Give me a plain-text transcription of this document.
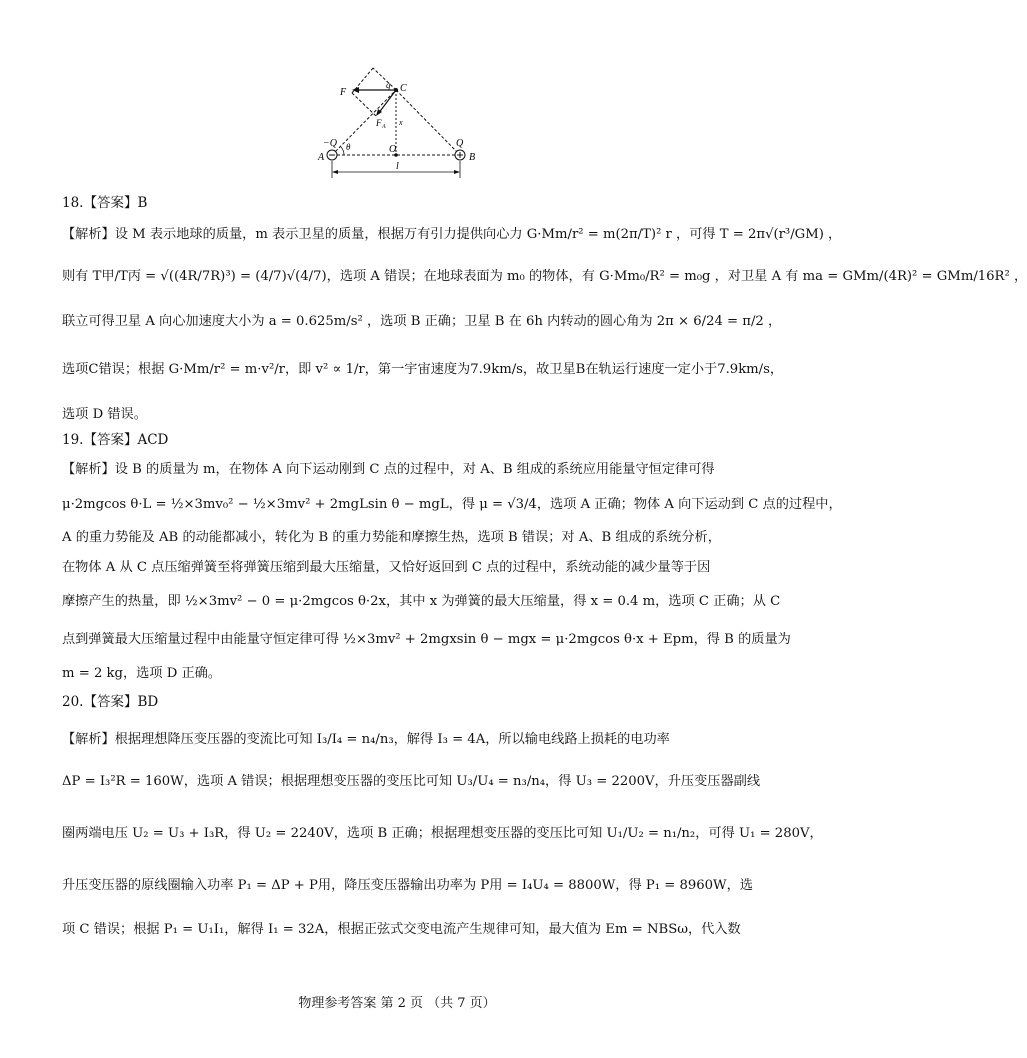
F
q C
F A x
−Q θ
A
O
Q
B
l
18.【答案】B
【解析】设 M 表示地球的质量，m 表示卫星的质量，根据万有引力提供向心力 G·Mm/r² = m(2π/T)² r ，可得 T = 2π√(r³/GM) ，
则有 T甲/T丙 = √((4R/7R)³) = (4/7)√(4/7)，选项 A 错误；在地球表面为 m₀ 的物体，有 G·Mm₀/R² = m₀g ，对卫星 A 有 ma = GMm/(4R)² = GMm/16R² ，
联立可得卫星 A 向心加速度大小为 a = 0.625m/s² ，选项 B 正确；卫星 B 在 6h 内转动的圆心角为 2π × 6/24 = π/2 ，
选项C错误；根据 G·Mm/r² = m·v²/r，即 v² ∝ 1/r，第一宇宙速度为7.9km/s，故卫星B在轨运行速度一定小于7.9km/s，
选项 D 错误。
19.【答案】ACD
【解析】设 B 的质量为 m，在物体 A 向下运动刚到 C 点的过程中，对 A、B 组成的系统应用能量守恒定律可得
μ·2mgcos θ·L = ½×3mv₀² − ½×3mv² + 2mgLsin θ − mgL，得 μ = √3/4，选项 A 正确；物体 A 向下运动到 C 点的过程中，
A 的重力势能及 AB 的动能都减小，转化为 B 的重力势能和摩擦生热，选项 B 错误；对 A、B 组成的系统分析，
在物体 A 从 C 点压缩弹簧至将弹簧压缩到最大压缩量，又恰好返回到 C 点的过程中，系统动能的减少量等于因
摩擦产生的热量，即 ½×3mv² − 0 = μ·2mgcos θ·2x，其中 x 为弹簧的最大压缩量，得 x = 0.4 m，选项 C 正确；从 C
点到弹簧最大压缩量过程中由能量守恒定律可得 ½×3mv² + 2mgxsin θ − mgx = μ·2mgcos θ·x + Epm，得 B 的质量为
m = 2 kg，选项 D 正确。
20.【答案】BD
【解析】根据理想降压变压器的变流比可知 I₃/I₄ = n₄/n₃，解得 I₃ = 4A，所以输电线路上损耗的电功率
ΔP = I₃²R = 160W，选项 A 错误；根据理想变压器的变压比可知 U₃/U₄ = n₃/n₄，得 U₃ = 2200V，升压变压器副线
圈两端电压 U₂ = U₃ + I₃R，得 U₂ = 2240V，选项 B 正确；根据理想变压器的变压比可知 U₁/U₂ = n₁/n₂，可得 U₁ = 280V，
升压变压器的原线圈输入功率 P₁ = ΔP + P用，降压变压器输出功率为 P用 = I₄U₄ = 8800W，得 P₁ = 8960W，选
项 C 错误；根据 P₁ = U₁I₁，解得 I₁ = 32A，根据正弦式交变电流产生规律可知，最大值为 Em = NBSω，代入数
物理参考答案 第 2 页 （共 7 页）
